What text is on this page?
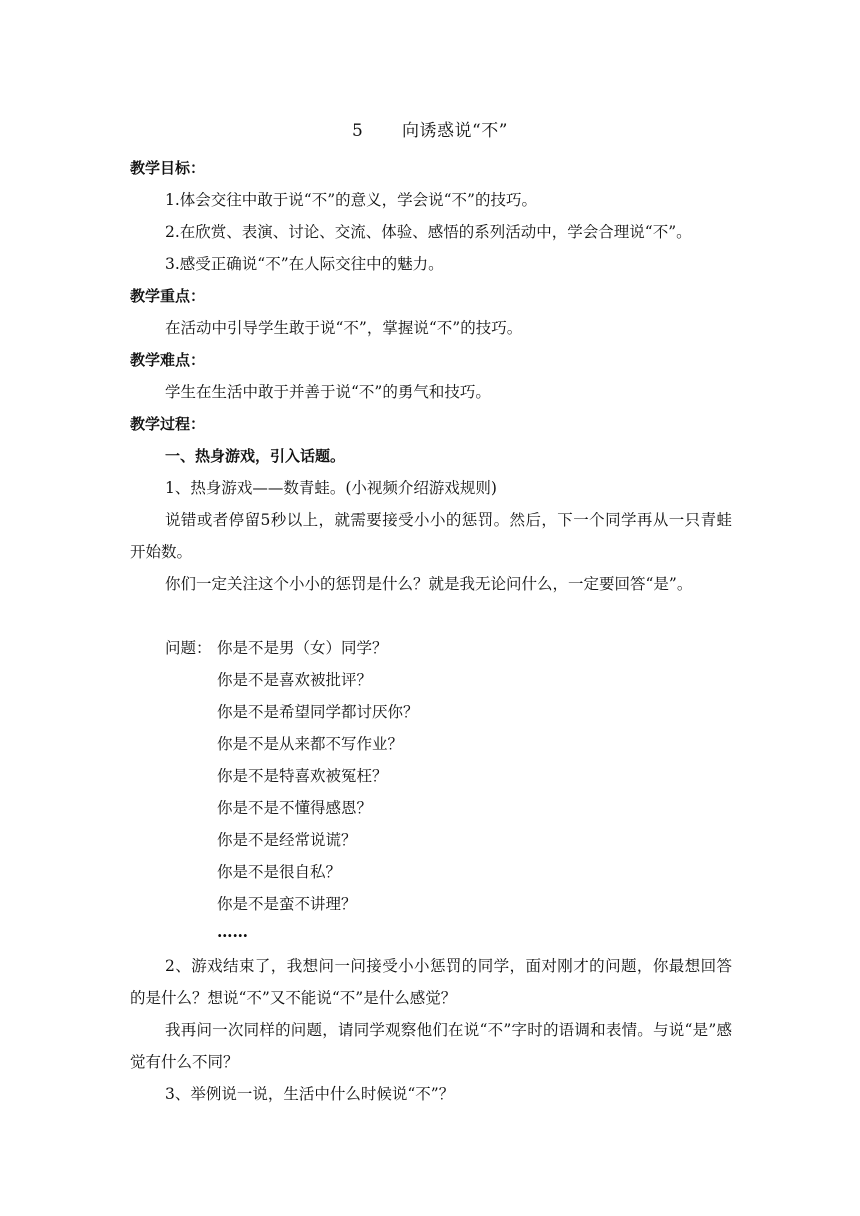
5 向诱惑说“不”
教学目标：
1.体会交往中敢于说“不”的意义，学会说“不”的技巧。
2.在欣赏、表演、讨论、交流、体验、感悟的系列活动中，学会合理说“不”。
3.感受正确说“不”在人际交往中的魅力。
教学重点：
在活动中引导学生敢于说“不”，掌握说“不”的技巧。
教学难点：
学生在生活中敢于并善于说“不”的勇气和技巧。
教学过程：
一、热身游戏，引入话题。
1、热身游戏——数青蛙。(小视频介绍游戏规则)
说错或者停留5秒以上，就需要接受小小的惩罚。然后，下一个同学再从一只青蛙开始数。
你们一定关注这个小小的惩罚是什么？就是我无论问什么，一定要回答“是”。
问题： 你是不是男（女）同学？
你是不是喜欢被批评？
你是不是希望同学都讨厌你？
你是不是从来都不写作业？
你是不是特喜欢被冤枉？
你是不是不懂得感恩？
你是不是经常说谎？
你是不是很自私？
你是不是蛮不讲理？
……
2、游戏结束了，我想问一问接受小小惩罚的同学，面对刚才的问题，你最想回答的是什么？想说“不”又不能说“不”是什么感觉？
我再问一次同样的问题，请同学观察他们在说“不”字时的语调和表情。与说“是”感觉有什么不同？
3、举例说一说，生活中什么时候说“不”？
